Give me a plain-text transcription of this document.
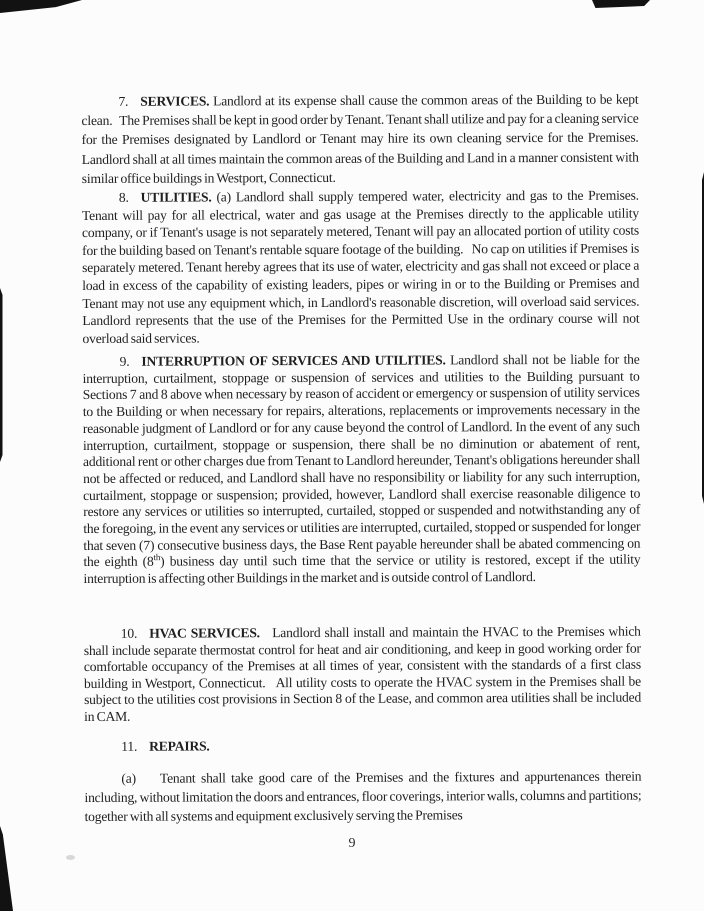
7. SERVICES. Landlord at its expense shall cause the common areas of the Building to be kept clean.   The Premises shall be kept in good order by Tenant. Tenant shall utilize and pay for a cleaning service for the Premises designated by Landlord or Tenant may hire its own cleaning service for the Premises. Landlord shall at all times maintain the common areas of the Building and Land in a manner consistent with similar office buildings in Westport, Connecticut.

8. UTILITIES. (a) Landlord shall supply tempered water, electricity and gas to the Premises. Tenant will pay for all electrical, water and gas usage at the Premises directly to the applicable utility company, or if Tenant's usage is not separately metered, Tenant will pay an allocated portion of utility costs for the building based on Tenant's rentable square footage of the building.   No cap on utilities if Premises is separately metered. Tenant hereby agrees that its use of water, electricity and gas shall not exceed or place a load in excess of the capability of existing leaders, pipes or wiring in or to the Building or Premises and Tenant may not use any equipment which, in Landlord's reasonable discretion, will overload said services. Landlord represents that the use of the Premises for the Permitted Use in the ordinary course will not overload said services.

9. INTERRUPTION OF SERVICES AND UTILITIES. Landlord shall not be liable for the interruption, curtailment, stoppage or suspension of services and utilities to the Building pursuant to Sections 7 and 8 above when necessary by reason of accident or emergency or suspension of utility services to the Building or when necessary for repairs, alterations, replacements or improvements necessary in the reasonable judgment of Landlord or for any cause beyond the control of Landlord. In the event of any such interruption, curtailment, stoppage or suspension, there shall be no diminution or abatement of rent, additional rent or other charges due from Tenant to Landlord hereunder, Tenant's obligations hereunder shall not be affected or reduced, and Landlord shall have no responsibility or liability for any such interruption, curtailment, stoppage or suspension; provided, however, Landlord shall exercise reasonable diligence to restore any services or utilities so interrupted, curtailed, stopped or suspended and notwithstanding any of the foregoing, in the event any services or utilities are interrupted, curtailed, stopped or suspended for longer that seven (7) consecutive business days, the Base Rent payable hereunder shall be abated commencing on the eighth (8th) business day until such time that the service or utility is restored, except if the utility interruption is affecting other Buildings in the market and is outside control of Landlord.

10. HVAC SERVICES.   Landlord shall install and maintain the HVAC to the Premises which shall include separate thermostat control for heat and air conditioning, and keep in good working order for comfortable occupancy of the Premises at all times of year, consistent with the standards of a first class building in Westport, Connecticut.   All utility costs to operate the HVAC system in the Premises shall be subject to the utilities cost provisions in Section 8 of the Lease, and common area utilities shall be included in CAM.

11. REPAIRS.

(a) Tenant shall take good care of the Premises and the fixtures and appurtenances therein including, without limitation the doors and entrances, floor coverings, interior walls, columns and partitions; together with all systems and equipment exclusively serving the Premises

9
